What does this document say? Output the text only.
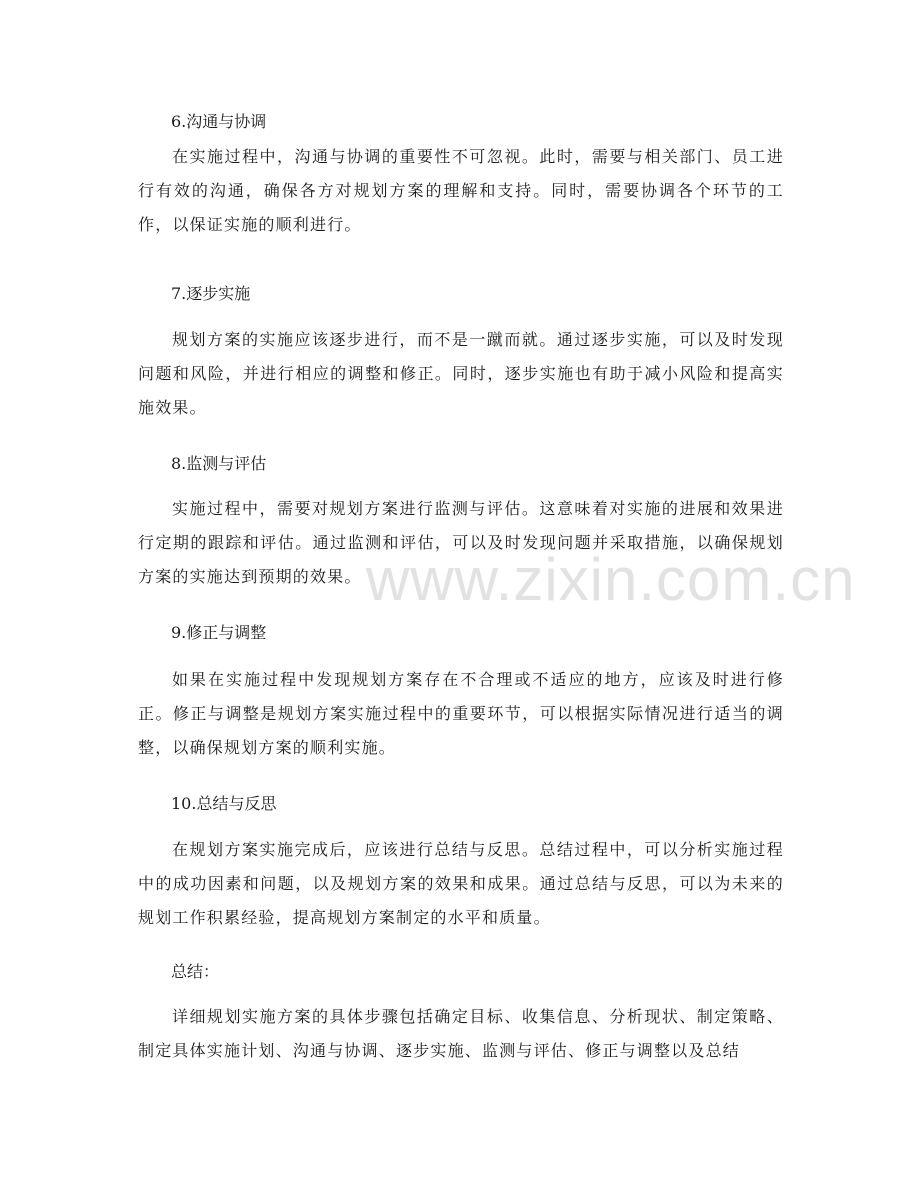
6.沟通与协调
在实施过程中，沟通与协调的重要性不可忽视。此时，需要与相关部门、员工进行有效的沟通，确保各方对规划方案的理解和支持。同时，需要协调各个环节的工作，以保证实施的顺利进行。
7.逐步实施
规划方案的实施应该逐步进行，而不是一蹴而就。通过逐步实施，可以及时发现问题和风险，并进行相应的调整和修正。同时，逐步实施也有助于减小风险和提高实施效果。
8.监测与评估
实施过程中，需要对规划方案进行监测与评估。这意味着对实施的进展和效果进行定期的跟踪和评估。通过监测和评估，可以及时发现问题并采取措施，以确保规划方案的实施达到预期的效果。
9.修正与调整
如果在实施过程中发现规划方案存在不合理或不适应的地方，应该及时进行修正。修正与调整是规划方案实施过程中的重要环节，可以根据实际情况进行适当的调整，以确保规划方案的顺利实施。
10.总结与反思
在规划方案实施完成后，应该进行总结与反思。总结过程中，可以分析实施过程中的成功因素和问题，以及规划方案的效果和成果。通过总结与反思，可以为未来的规划工作积累经验，提高规划方案制定的水平和质量。
总结：
详细规划实施方案的具体步骤包括确定目标、收集信息、分析现状、制定策略、制定具体实施计划、沟通与协调、逐步实施、监测与评估、修正与调整以及总结
www.zixin.com.cn
